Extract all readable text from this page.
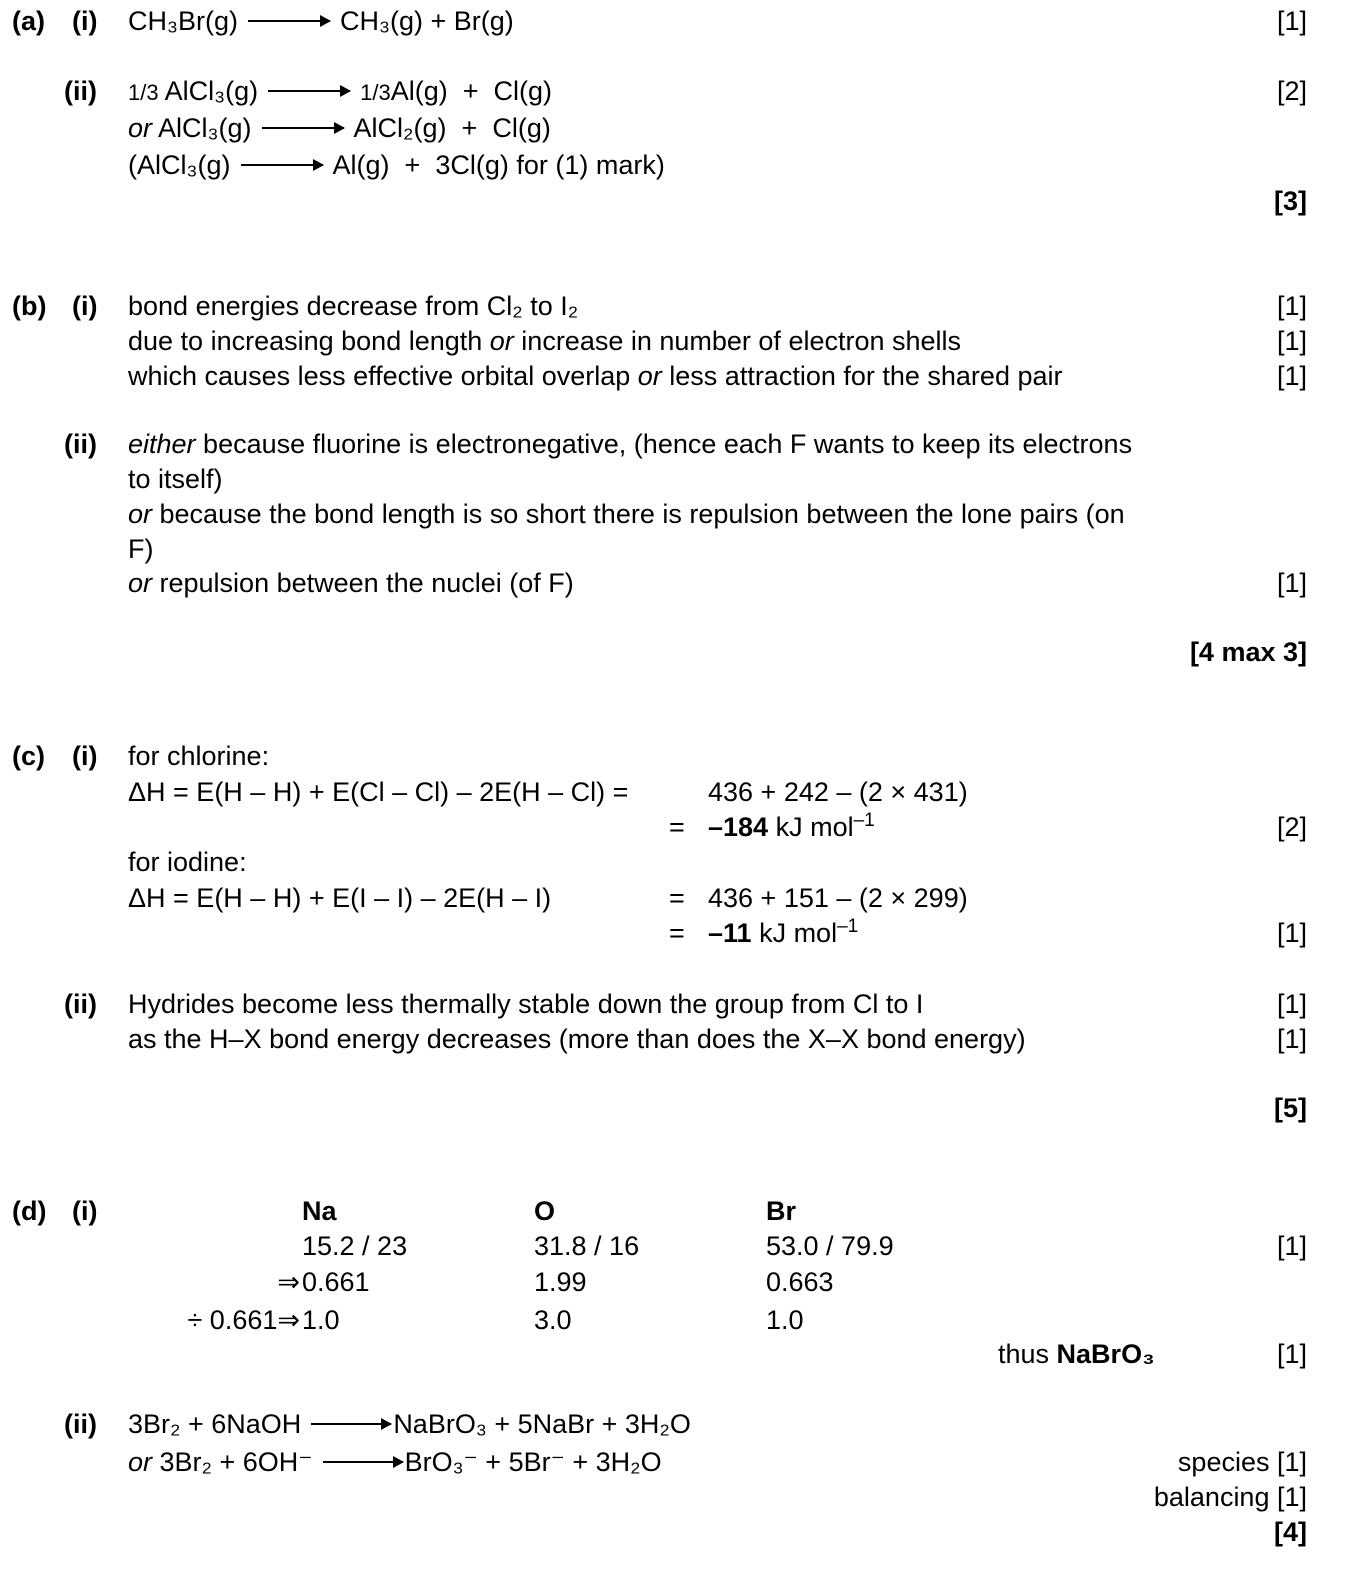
(a) (i) CH₃Br(g) → CH₃(g) + Br(g)	[1]
(ii) 1/3 AlCl₃(g) → 1/3Al(g) + Cl(g)	[2]
or AlCl₃(g) → AlCl₂(g) + Cl(g)
(AlCl₃(g) → Al(g) + 3Cl(g) for (1) mark)
[3]
(b) (i) bond energies decrease from Cl₂ to I₂	[1]
due to increasing bond length or increase in number of electron shells	[1]
which causes less effective orbital overlap or less attraction for the shared pair	[1]
(ii) either because fluorine is electronegative, (hence each F wants to keep its electrons
to itself)
or because the bond length is so short there is repulsion between the lone pairs (on
F)
or repulsion between the nuclei (of F)	[1]
[4 max 3]
(c) (i) for chlorine:
ΔH = E(H – H) + E(Cl – Cl) – 2E(H – Cl) =	436 + 242 – (2 × 431)
= –184 kJ mol$^{-1}$	[2]
for iodine:
ΔH = E(H – H) + E(I – I) – 2E(H – I)	= 436 + 151 – (2 × 299)
= –11 kJ mol$^{-1}$	[1]
(ii) Hydrides become less thermally stable down the group from Cl to I	[1]
as the H–X bond energy decreases (more than does the X–X bond energy)	[1]
[5]
(d) (i)	Na	O	Br
15.2 / 23	31.8 / 16	53.0 / 79.9	[1]
⇒ 0.661	1.99	0.663
÷ 0.661⇒ 1.0	3.0	1.0
thus NaBrO₃	[1]
(ii) 3Br₂ + 6NaOH → NaBrO₃ + 5NaBr + 3H₂O
or 3Br₂ + 6OH⁻ → BrO₃⁻ + 5Br⁻ + 3H₂O	species [1]
balancing [1]
[4]
